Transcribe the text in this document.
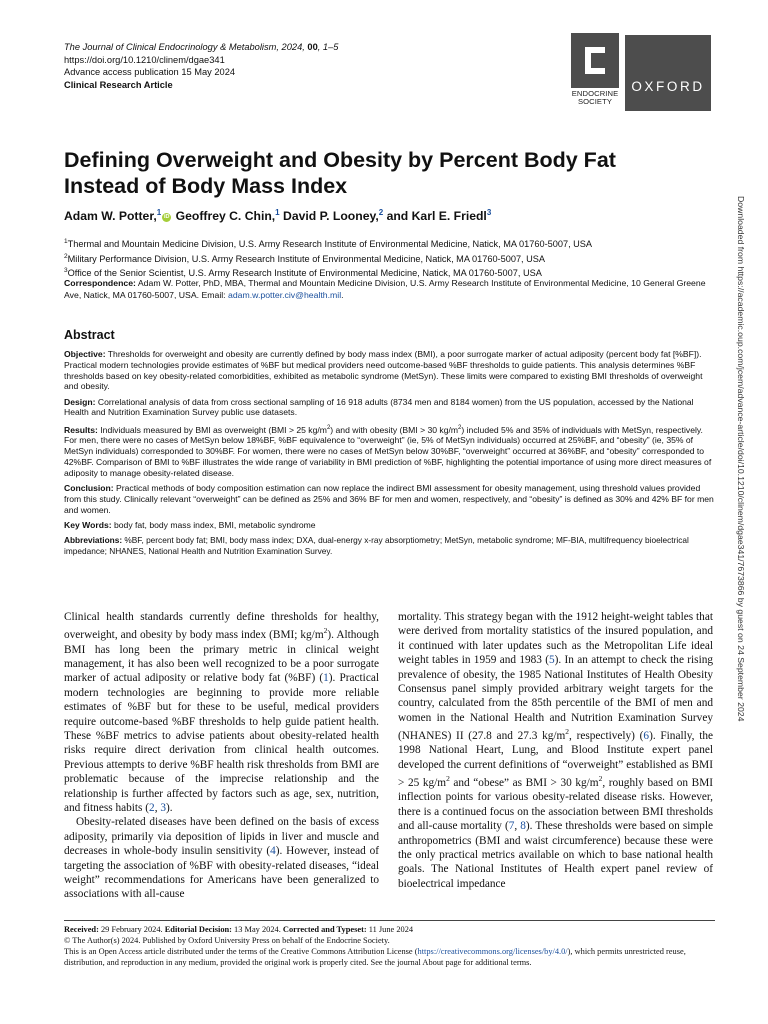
The Journal of Clinical Endocrinology & Metabolism, 2024, 00, 1–5
https://doi.org/10.1210/clinem/dgae341
Advance access publication 15 May 2024
Clinical Research Article
ENDOCRINE
SOCIETY
OXFORD
Defining Overweight and Obesity by Percent Body Fat Instead of Body Mass Index
Adam W. Potter,$^1$iD Geoffrey C. Chin,$^1$ David P. Looney,$^2$ and Karl E. Friedl$^3$
$^1$Thermal and Mountain Medicine Division, U.S. Army Research Institute of Environmental Medicine, Natick, MA 01760-5007, USA
$^2$Military Performance Division, U.S. Army Research Institute of Environmental Medicine, Natick, MA 01760-5007, USA
$^3$Office of the Senior Scientist, U.S. Army Research Institute of Environmental Medicine, Natick, MA 01760-5007, USA
Correspondence: Adam W. Potter, PhD, MBA, Thermal and Mountain Medicine Division, U.S. Army Research Institute of Environmental Medicine, 10 General Greene Ave, Natick, MA 01760-5007, USA. Email: adam.w.potter.civ@health.mil.
Abstract

Objective: Thresholds for overweight and obesity are currently defined by body mass index (BMI), a poor surrogate marker of actual adiposity (percent body fat [%BF]). Practical modern technologies provide estimates of %BF but medical providers need outcome-based %BF thresholds to guide patients. This analysis determines %BF thresholds based on key obesity-related comorbidities, exhibited as metabolic syndrome (MetSyn). These limits were compared to existing BMI thresholds of overweight and obesity.

Design: Correlational analysis of data from cross sectional sampling of 16 918 adults (8734 men and 8184 women) from the US population, accessed by the National Health and Nutrition Examination Survey public use datasets.

Results: Individuals measured by BMI as overweight (BMI > 25 $kg/m^2$) and with obesity (BMI > 30 $kg/m^2$) included 5% and 35% of individuals with MetSyn, respectively. For men, there were no cases of MetSyn below 18%BF, %BF equivalence to “overweight” (ie, 5% of MetSyn individuals) occurred at 25%BF, and “obesity” (ie, 35% of MetSyn individuals) corresponded to 30%BF. For women, there were no cases of MetSyn below 30%BF, “overweight” occurred at 36%BF, and “obesity” corresponded to 42%BF. Comparison of BMI to %BF illustrates the wide range of variability in BMI prediction of %BF, highlighting the potential importance of using more direct measures of adiposity to manage obesity-related disease.

Conclusion: Practical methods of body composition estimation can now replace the indirect BMI assessment for obesity management, using threshold values provided from this study. Clinically relevant “overweight” can be defined as 25% and 36% BF for men and women, respectively, and “obesity” is defined as 30% and 42% BF for men and women.

Key Words: body fat, body mass index, BMI, metabolic syndrome

Abbreviations: %BF, percent body fat; BMI, body mass index; DXA, dual-energy x-ray absorptiometry; MetSyn, metabolic syndrome; MF-BIA, multifrequency bioelectrical impedance; NHANES, National Health and Nutrition Examination Survey.

Clinical health standards currently define thresholds for healthy, overweight, and obesity by body mass index (BMI; $kg/m^2$). Although BMI has long been the primary metric in clinical weight management, it has also been well recognized to be a poor surrogate marker of actual adiposity or relative body fat (%BF) (1). Practical modern technologies are beginning to provide more reliable estimates of %BF but for these to be useful, medical providers require outcome-based %BF thresholds to help guide patient health. These %BF metrics to advise patients about obesity-related health risks require direct derivation from clinical health outcomes. Previous attempts to derive %BF health risk thresholds from BMI are problematic because of the imprecise relationship and the relationship is further affected by factors such as age, sex, nutrition, and fitness habits (2, 3).

Obesity-related diseases have been defined on the basis of excess adiposity, primarily via deposition of lipids in liver and muscle and decreases in whole-body insulin sensitivity (4). However, instead of targeting the association of %BF with obesity-related diseases, “ideal weight” recommendations for Americans have been generalized to associations with all-cause

mortality. This strategy began with the 1912 height-weight tables that were derived from mortality statistics of the insured population, and it continued with later updates such as the Metropolitan Life ideal weight tables in 1959 and 1983 (5). In an attempt to check the rising prevalence of obesity, the 1985 National Institutes of Health Obesity Consensus panel simply provided arbitrary weight targets for the country, calculated from the 85th percentile of the BMI of men and women in the National Health and Nutrition Examination Survey (NHANES) II (27.8 and 27.3 $kg/m^2$, respectively) (6). Finally, the 1998 National Heart, Lung, and Blood Institute expert panel developed the current definitions of “overweight” established as BMI > 25 $kg/m^2$ and “obese” as BMI > 30 $kg/m^2$, roughly based on BMI inflection points for various obesity-related disease risks. However, there is a continued focus on the association between BMI thresholds and all-cause mortality (7, 8). These thresholds were based on simple anthropometrics (BMI and waist circumference) because these were the only practical metrics available on which to base national health goals. The National Institutes of Health expert panel review of bioelectrical impedance

Received: 29 February 2024. Editorial Decision: 13 May 2024. Corrected and Typeset: 11 June 2024
© The Author(s) 2024. Published by Oxford University Press on behalf of the Endocrine Society.
This is an Open Access article distributed under the terms of the Creative Commons Attribution License (https://creativecommons.org/licenses/by/4.0/), which permits unrestricted reuse, distribution, and reproduction in any medium, provided the original work is properly cited. See the journal About page for additional terms.
Downloaded from https://academic.oup.com/jcem/advance-article/doi/10.1210/clinem/dgae341/7673866 by guest on 24 September 2024
